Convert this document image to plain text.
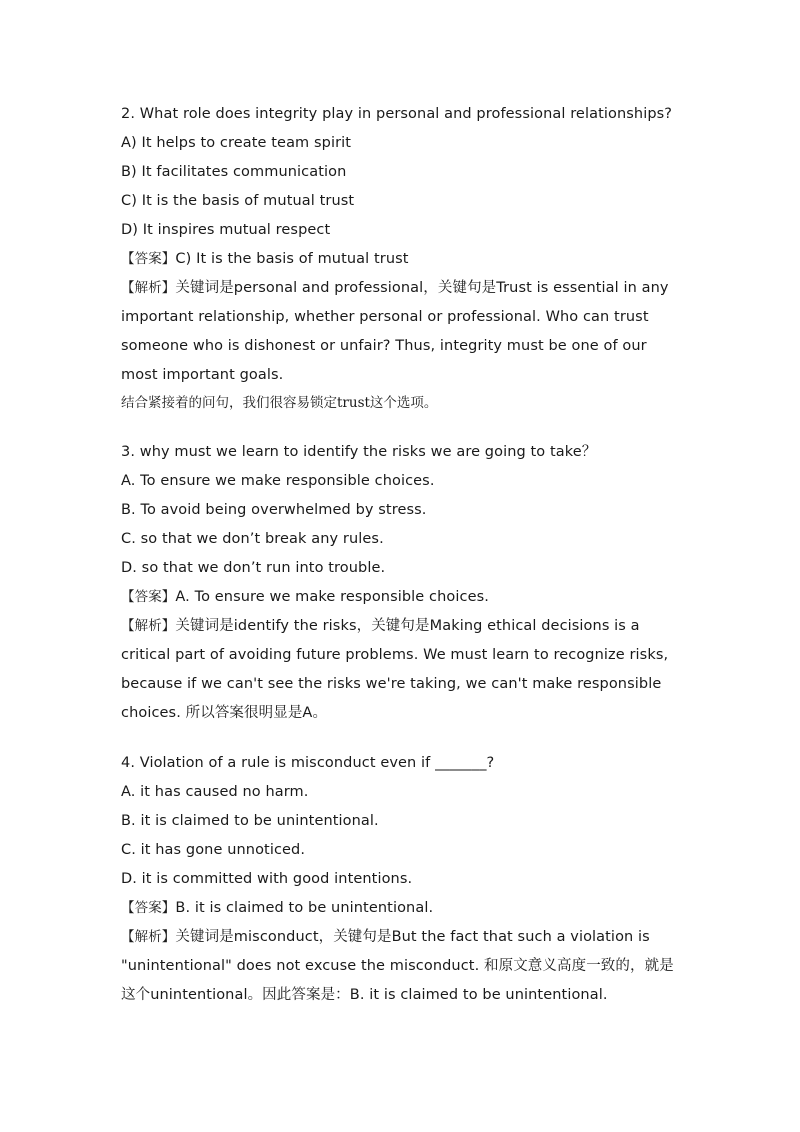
2. What role does integrity play in personal and professional relationships?
A) It helps to create team spirit
B) It facilitates communication
C) It is the basis of mutual trust
D) It inspires mutual respect
【答案】C) It is the basis of mutual trust
【解析】关键词是personal and professional，关键句是Trust is essential in any important relationship, whether personal or professional. Who can trust someone who is dishonest or unfair? Thus, integrity must be one of our most important goals.
结合紧接着的问句，我们很容易锁定trust这个选项。
3. why must we learn to identify the risks we are going to take？
A. To ensure we make responsible choices.
B. To avoid being overwhelmed by stress.
C. so that we don’t break any rules.
D. so that we don’t run into trouble.
【答案】A. To ensure we make responsible choices.
【解析】关键词是identify the risks，关键句是Making ethical decisions is a critical part of avoiding future problems. We must learn to recognize risks, because if we can't see the risks we're taking, we can't make responsible choices. 所以答案很明显是A。
4. Violation of a rule is misconduct even if _______?
A. it has caused no harm.
B. it is claimed to be unintentional.
C. it has gone unnoticed.
D. it is committed with good intentions.
【答案】B. it is claimed to be unintentional.
【解析】关键词是misconduct，关键句是But the fact that such a violation is "unintentional" does not excuse the misconduct. 和原文意义高度一致的，就是这个unintentional。因此答案是：B. it is claimed to be unintentional.
